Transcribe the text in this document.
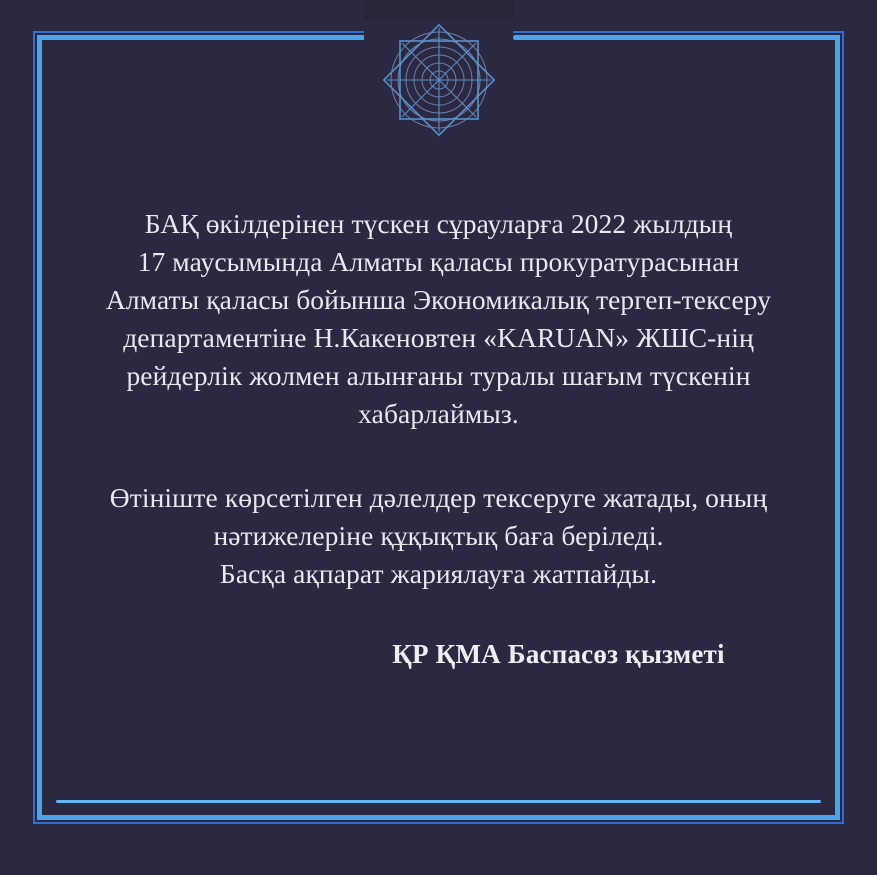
БАҚ өкілдерінен түскен сұрауларға 2022 жылдың
17 маусымында Алматы қаласы прокуратурасынан
Алматы қаласы бойынша Экономикалық тергеп-тексеру
департаментіне Н.Какеновтен «KARUAN» ЖШС-нің
рейдерлік жолмен алынғаны туралы шағым түскенін
хабарлаймыз.
Өтініште көрсетілген дәлелдер тексеруге жатады, оның
нәтижелеріне құқықтық баға беріледі.
Басқа ақпарат жариялауға жатпайды.
ҚР ҚМА Баспасөз қызметі
